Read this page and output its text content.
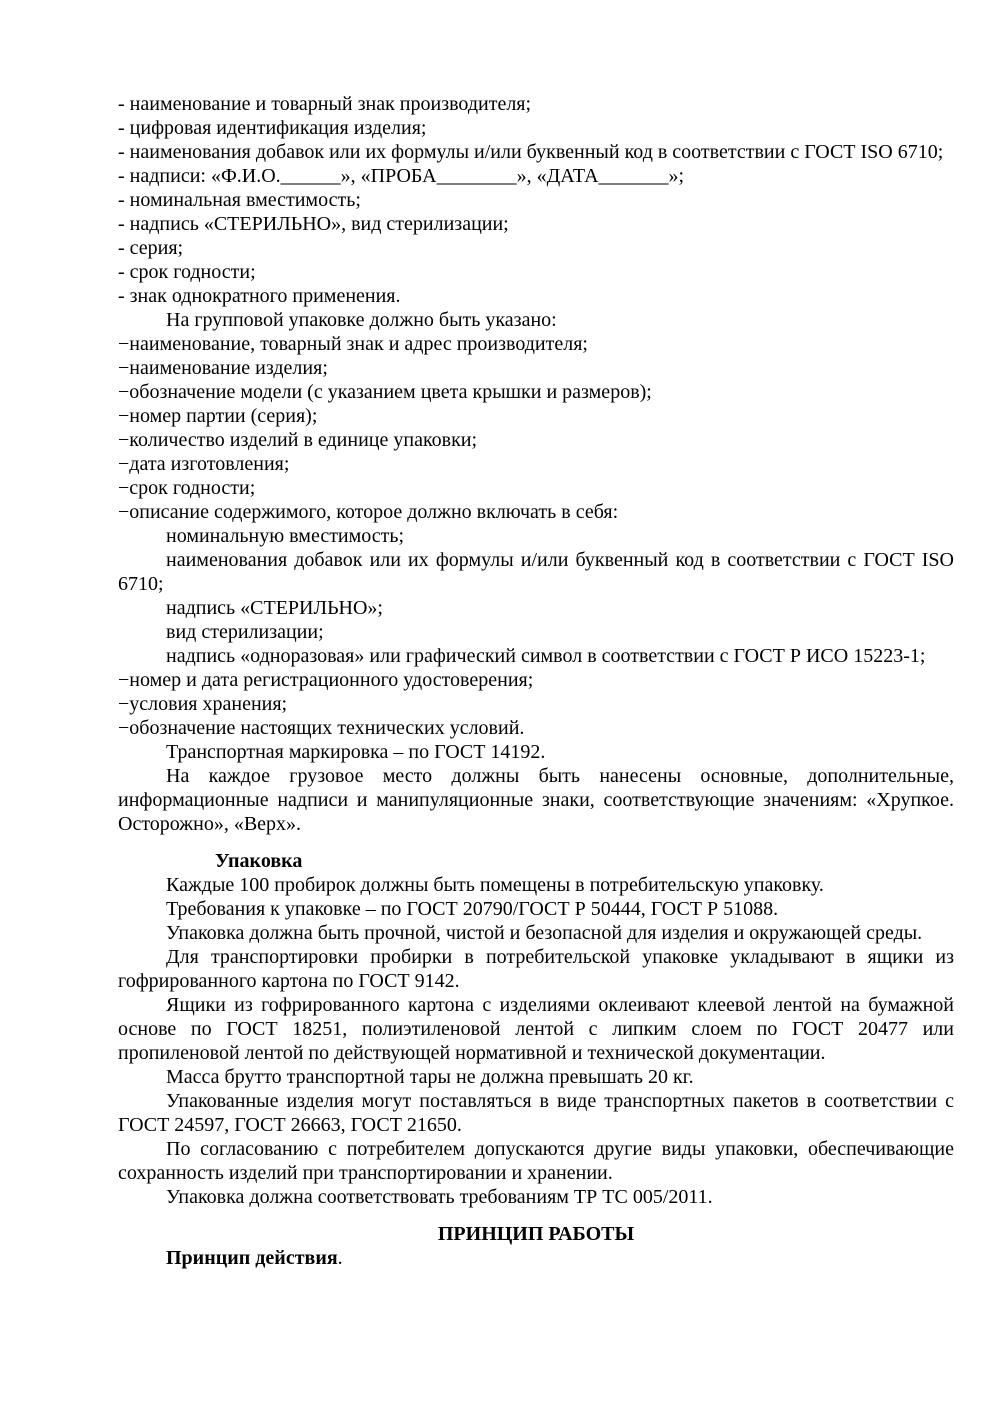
- наименование и товарный знак производителя;

- цифровая идентификация изделия;

- наименования добавок или их формулы и/или буквенный код в соответствии с ГОСТ ISO 6710;

- надписи: «Ф.И.О.______», «ПРОБА________», «ДАТА_______»;

- номинальная вместимость;

- надпись «СТЕРИЛЬНО», вид стерилизации;

- серия;

- срок годности;

- знак однократного применения.

На групповой упаковке должно быть указано:

−наименование, товарный знак и адрес производителя;

−наименование изделия;

−обозначение модели (с указанием цвета крышки и размеров);

−номер партии (серия);

−количество изделий в единице упаковки;

−дата изготовления;

−срок годности;

−описание содержимого, которое должно включать в себя:

номинальную вместимость;

наименования добавок или их формулы и/или буквенный код в соответствии с ГОСТ ISO 6710;

надпись «СТЕРИЛЬНО»;

вид стерилизации;

надпись «одноразовая» или графический символ в соответствии с ГОСТ Р ИСО 15223-1;

−номер и дата регистрационного удостоверения;

−условия хранения;

−обозначение настоящих технических условий.

Транспортная маркировка – по ГОСТ 14192.

На каждое грузовое место должны быть нанесены основные, дополнительные, информационные надписи и манипуляционные знаки, соответствующие значениям: «Хрупкое. Осторожно», «Верх».

Упаковка

Каждые 100 пробирок должны быть помещены в потребительскую упаковку.

Требования к упаковке – по ГОСТ 20790/ГОСТ Р 50444, ГОСТ Р 51088.

Упаковка должна быть прочной, чистой и безопасной для изделия и окружающей среды.

Для транспортировки пробирки в потребительской упаковке укладывают в ящики из гофрированного картона по ГОСТ 9142.

Ящики из гофрированного картона с изделиями оклеивают клеевой лентой на бумажной основе по ГОСТ 18251, полиэтиленовой лентой с липким слоем по ГОСТ 20477 или пропиленовой лентой по действующей нормативной и технической документации.

Масса брутто транспортной тары не должна превышать 20 кг.

Упакованные изделия могут поставляться в виде транспортных пакетов в соответствии с ГОСТ 24597, ГОСТ 26663, ГОСТ 21650.

По согласованию с потребителем допускаются другие виды упаковки, обеспечивающие сохранность изделий при транспортировании и хранении.

Упаковка должна соответствовать требованиям ТР ТС 005/2011.

ПРИНЦИП РАБОТЫ

Принцип действия.
